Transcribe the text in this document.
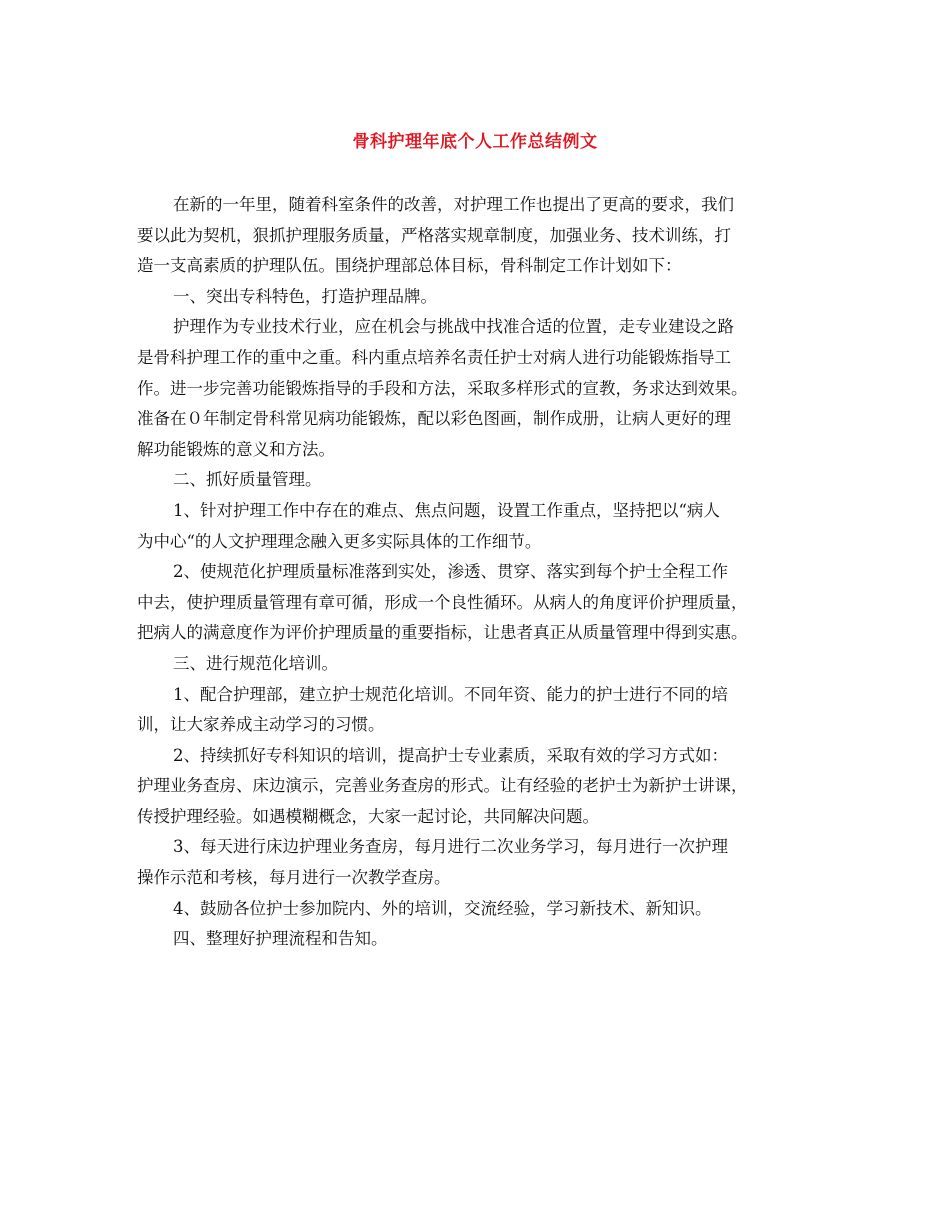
骨科护理年底个人工作总结例文
在新的一年里，随着科室条件的改善，对护理工作也提出了更高的要求，我们
要以此为契机，狠抓护理服务质量，严格落实规章制度，加强业务、技术训练，打
造一支高素质的护理队伍。围绕护理部总体目标，骨科制定工作计划如下：
一、突出专科特色，打造护理品牌。
护理作为专业技术行业，应在机会与挑战中找准合适的位置，走专业建设之路
是骨科护理工作的重中之重。科内重点培养名责任护士对病人进行功能锻炼指导工
作。进一步完善功能锻炼指导的手段和方法，采取多样形式的宣教，务求达到效果。
准备在０年制定骨科常见病功能锻炼，配以彩色图画，制作成册，让病人更好的理
解功能锻炼的意义和方法。
二、抓好质量管理。
1、针对护理工作中存在的难点、焦点问题，设置工作重点，坚持把以“病人
为中心“的人文护理理念融入更多实际具体的工作细节。
2、使规范化护理质量标准落到实处，渗透、贯穿、落实到每个护士全程工作
中去，使护理质量管理有章可循，形成一个良性循环。从病人的角度评价护理质量，
把病人的满意度作为评价护理质量的重要指标，让患者真正从质量管理中得到实惠。
三、进行规范化培训。
1、配合护理部，建立护士规范化培训。不同年资、能力的护士进行不同的培
训，让大家养成主动学习的习惯。
2、持续抓好专科知识的培训，提高护士专业素质，采取有效的学习方式如：
护理业务查房、床边演示，完善业务查房的形式。让有经验的老护士为新护士讲课，
传授护理经验。如遇模糊概念，大家一起讨论，共同解决问题。
3、每天进行床边护理业务查房，每月进行二次业务学习，每月进行一次护理
操作示范和考核，每月进行一次教学查房。
4、鼓励各位护士参加院内、外的培训，交流经验，学习新技术、新知识。
四、整理好护理流程和告知。
